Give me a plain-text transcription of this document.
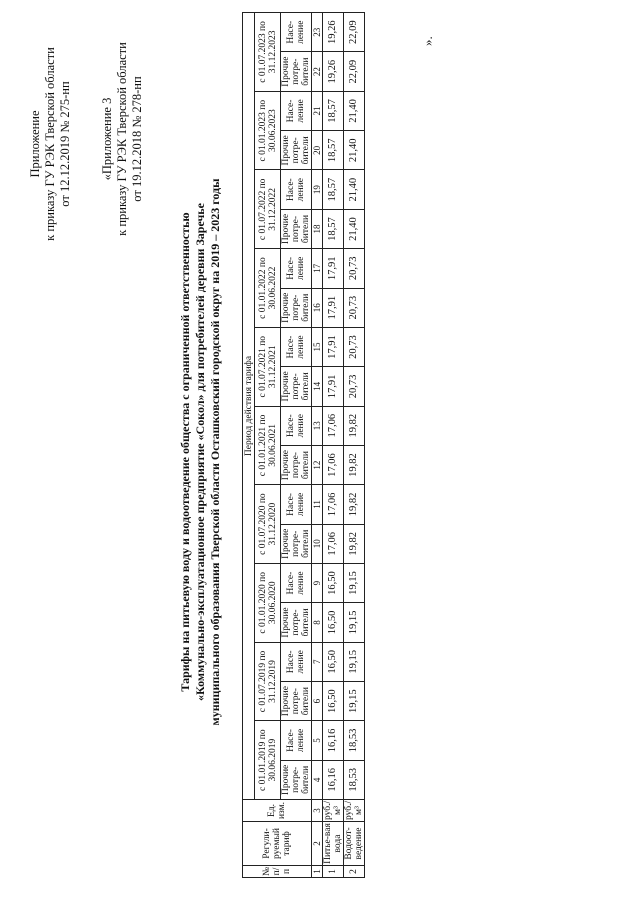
Приложение к приказу ГУ РЭК Тверской области от 12.12.2019 № 275-нп «Приложение 3 к приказу ГУ РЭК Тверской области от 19.12.2018 № 278-нп
Тарифы на питьевую воду и водоотведение общества с ограниченной ответственностью «Коммунально-эксплуатационное предприятие «Сокол» для потребителей деревни Заречье муниципального образования Тверской области Осташковский городской округ на 2019 – 2023 годы
№ п/п	Регули-руемый тариф	Ед. изм.	Период действия тарифа																			
			с 01.01.2019 по 30.06.2019		с 01.07.2019 по 31.12.2019		с 01.01.2020 по 30.06.2020		с 01.07.2020 по 31.12.2020		с 01.01.2021 по 30.06.2021		с 01.07.2021 по 31.12.2021		с 01.01.2022 по 30.06.2022		с 01.07.2022 по 31.12.2022		с 01.01.2023 по 30.06.2023		с 01.07.2023 по 31.12.2023	
			Прочие потре-бители	Насе-ление	Прочие потре-бители	Насе-ление	Прочие потре-бители	Насе-ление	Прочие потре-бители	Насе-ление	Прочие потре-бители	Насе-ление	Прочие потре-бители	Насе-ление	Прочие потре-бители	Насе-ление	Прочие потре-бители	Насе-ление	Прочие потре-бители	Насе-ление	Прочие потре-бители	Насе-ление
1	2	3	4	5	6	7	8	9	10	11	12	13	14	15	16	17	18	19	20	21	22	23
1	Питье-вая вода	руб./м³	16,16	16,16	16,50	16,50	16,50	16,50	17,06	17,06	17,06	17,06	17,91	17,91	17,91	17,91	18,57	18,57	18,57	18,57	19,26	19,26
2	Водоот-ведение	руб./м³	18,53	18,53	19,15	19,15	19,15	19,15	19,82	19,82	19,82	19,82	20,73	20,73	20,73	20,73	21,40	21,40	21,40	21,40	22,09	22,09	».
